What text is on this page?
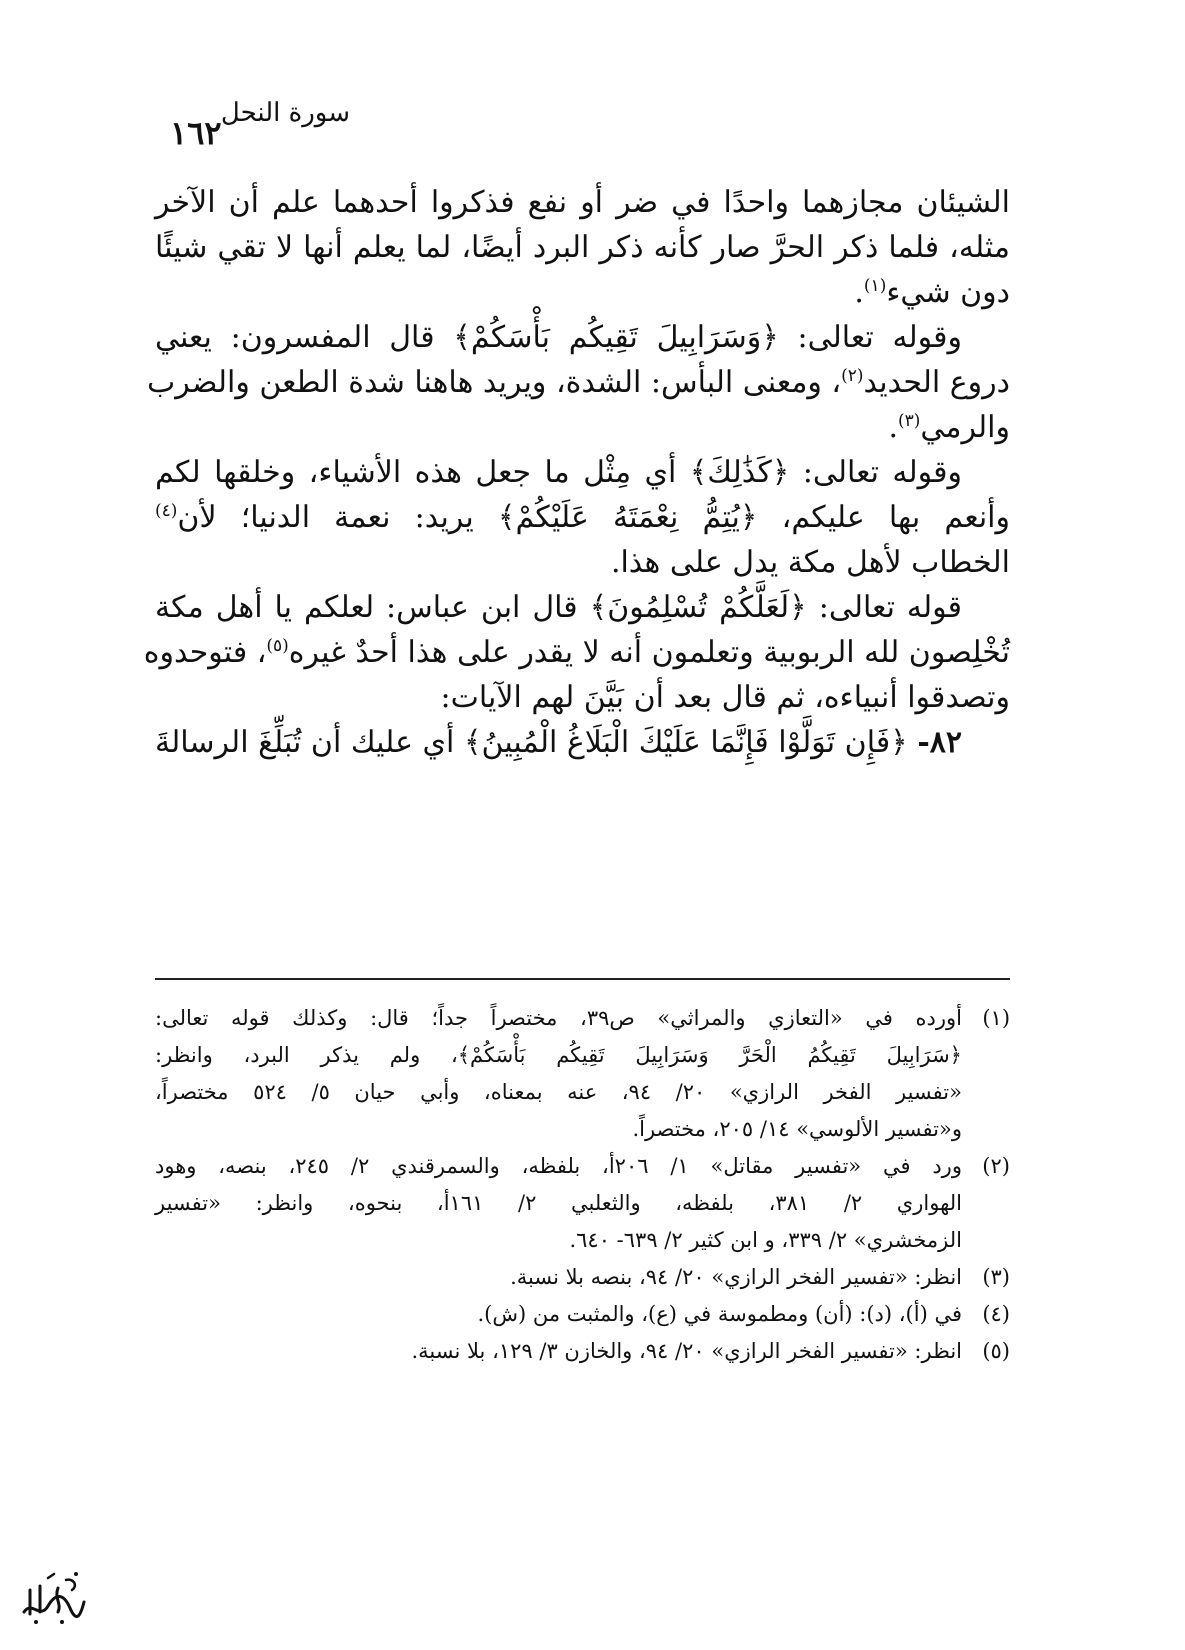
سورة النحل
١٦٢
الشيئان مجازهما واحدًا في ضر أو نفع فذكروا أحدهما علم أن الآخر
مثله، فلما ذكر الحرَّ صار كأنه ذكر البرد أيضًا، لما يعلم أنها لا تقي شيئًا
دون شيء$^{(١)}$.
وقوله تعالى: ﴿وَسَرَابِيلَ تَقِيكُم بَأْسَكُمْ﴾ قال المفسرون: يعني
دروع الحديد$^{(٢)}$، ومعنى البأس: الشدة، ويريد هاهنا شدة الطعن والضرب
والرمي$^{(٣)}$.
وقوله تعالى: ﴿كَذَٰلِكَ﴾ أي مِثْل ما جعل هذه الأشياء، وخلقها لكم
وأنعم بها عليكم، ﴿يُتِمُّ نِعْمَتَهُ عَلَيْكُمْ﴾ يريد: نعمة الدنيا؛ لأن$^{(٤)}$
الخطاب لأهل مكة يدل على هذا.
قوله تعالى: ﴿لَعَلَّكُمْ تُسْلِمُونَ﴾ قال ابن عباس: لعلكم يا أهل مكة
تُخْلِصون لله الربوبية وتعلمون أنه لا يقدر على هذا أحدٌ غيره$^{(٥)}$، فتوحدوه
وتصدقوا أنبياءه، ثم قال بعد أن بَيَّنَ لهم الآيات:
٨٢- ﴿فَإِن تَوَلَّوْا فَإِنَّمَا عَلَيْكَ الْبَلَاغُ الْمُبِينُ﴾ أي عليك أن تُبَلِّغَ الرسالةَ
(١)أورده في «التعازي والمراثي» ص٣٩، مختصراً جداً؛ قال: وكذلك قوله تعالى:
﴿سَرَابِيلَ تَقِيكُمُ الْحَرَّ وَسَرَابِيلَ تَقِيكُم بَأْسَكُمْ﴾، ولم يذكر البرد، وانظر:
«تفسير الفخر الرازي» ٢٠/ ٩٤، عنه بمعناه، وأبي حيان ٥/ ٥٢٤ مختصراً،
و«تفسير الألوسي» ١٤/ ٢٠٥، مختصراً.
(٢)ورد في «تفسير مقاتل» ١/ ٢٠٦أ، بلفظه، والسمرقندي ٢/ ٢٤٥، بنصه، وهود
الهواري ٢/ ٣٨١، بلفظه، والثعلبي ٢/ ١٦١أ، بنحوه، وانظر: «تفسير
الزمخشري» ٢/ ٣٣٩، و ابن كثير ٢/ ٦٣٩- ٦٤٠.
(٣)انظر: «تفسير الفخر الرازي» ٢٠/ ٩٤، بنصه بلا نسبة.
(٤)في (أ)، (د): (أن) ومطموسة في (ع)، والمثبت من (ش).
(٥)انظر: «تفسير الفخر الرازي» ٢٠/ ٩٤، والخازن ٣/ ١٢٩، بلا نسبة.
